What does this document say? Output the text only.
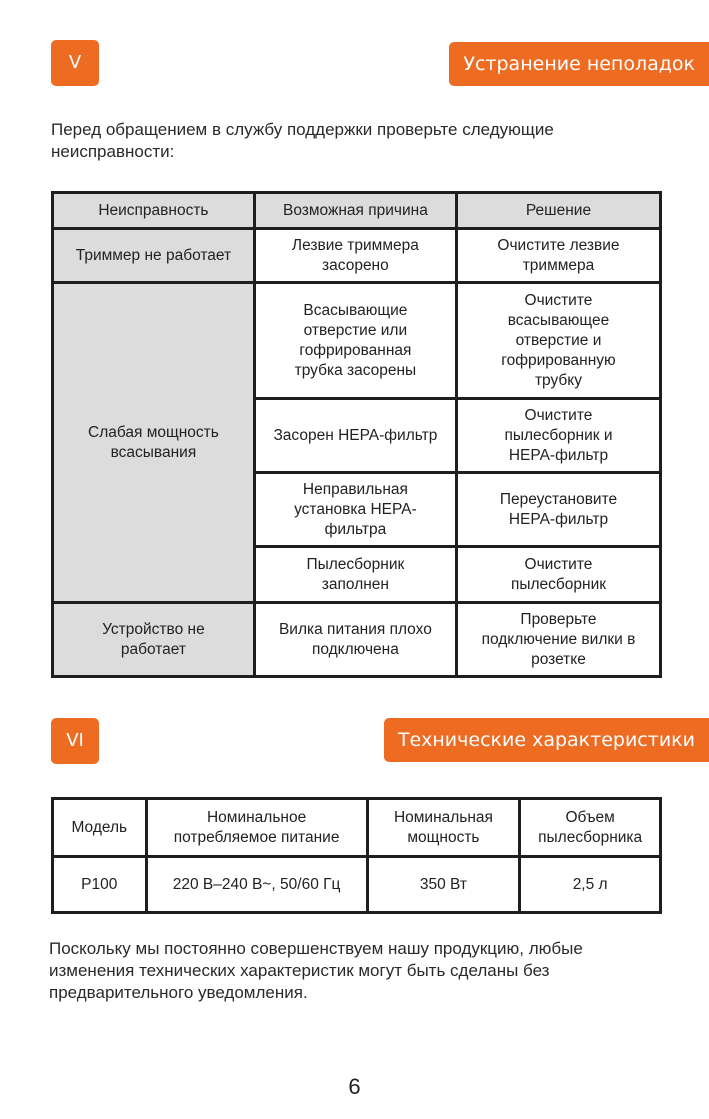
V	Устранение неполадок
Перед обращением в службу поддержки проверьте следующие неисправности:
Неисправность	Возможная причина	Решение
Триммер не работает	Лезвие триммера засорено	Очистите лезвие триммера
Слабая мощность всасывания	Всасывающие отверстие или гофрированная трубка засорены	Очистите всасывающее отверстие и гофрированную трубку
	Засорен HEPA-фильтр	Очистите пылесборник и HEPA-фильтр
	Неправильная установка HEPA-фильтра	Переустановите HEPA-фильтр
	Пылесборник заполнен	Очистите пылесборник
Устройство не работает	Вилка питания плохо подключена	Проверьте подключение вилки в розетке
VI	Технические характеристики
Модель	Номинальное потребляемое питание	Номинальная мощность	Объем пылесборника
P100	220 В–240 В~, 50/60 Гц	350 Вт	2,5 л
Поскольку мы постоянно совершенствуем нашу продукцию, любые изменения технических характеристик могут быть сделаны без предварительного уведомления.
6
